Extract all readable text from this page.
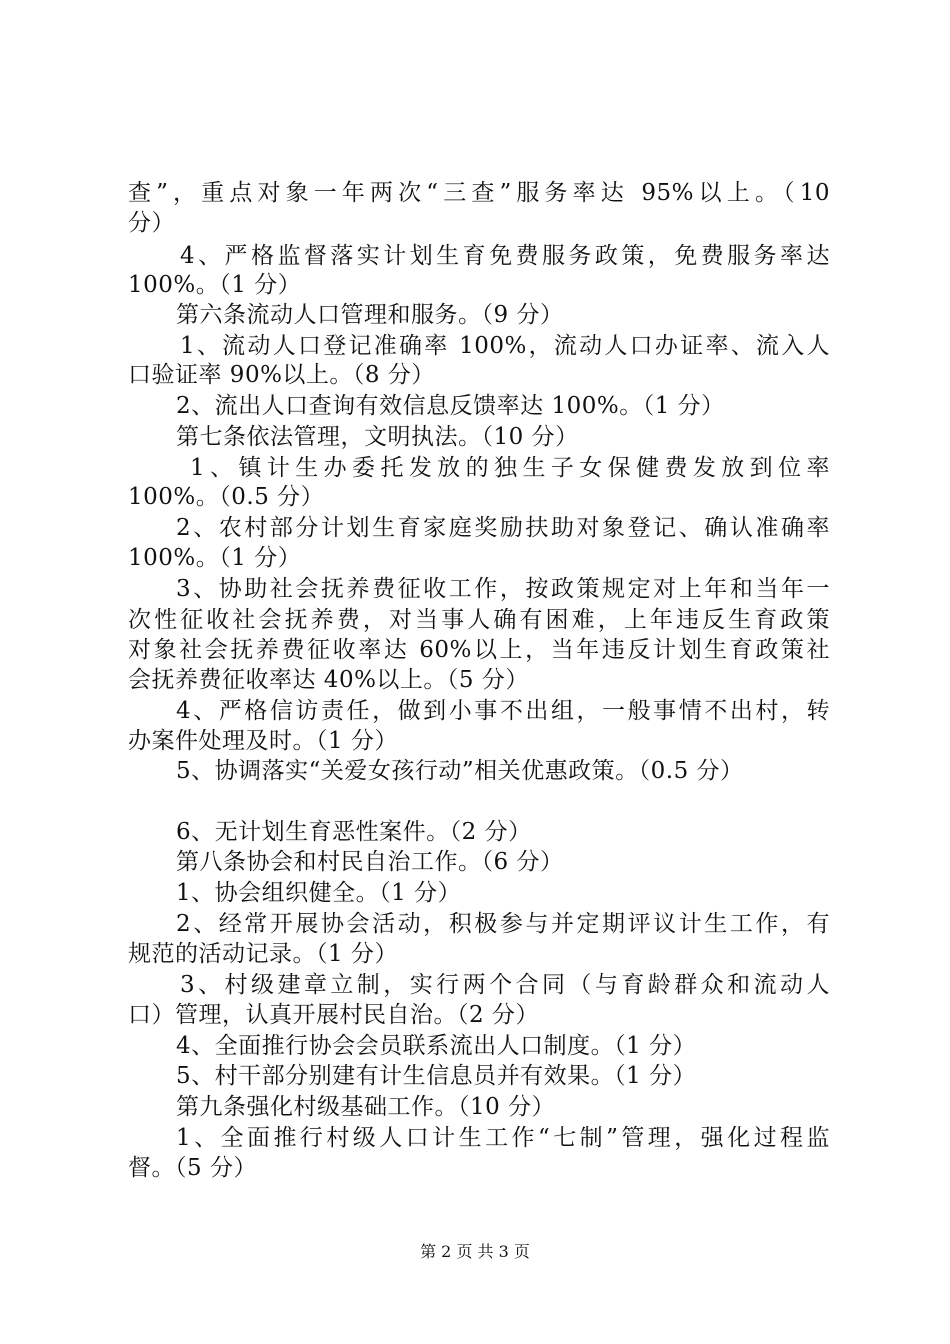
查”，重点对象一年两次“三查”服务率达 95%以上。（10
分）
4、严格监督落实计划生育免费服务政策，免费服务率达
100%。（1 分）
第六条流动人口管理和服务。（9 分）
1、流动人口登记准确率 100%，流动人口办证率、流入人
口验证率 90%以上。（8 分）
2、流出人口查询有效信息反馈率达 100%。（1 分）
第七条依法管理，文明执法。（10 分）
1、镇计生办委托发放的独生子女保健费发放到位率
100%。（0.5 分）
2、农村部分计划生育家庭奖励扶助对象登记、确认准确率
100%。（1 分）
3、协助社会抚养费征收工作，按政策规定对上年和当年一
次性征收社会抚养费，对当事人确有困难，上年违反生育政策
对象社会抚养费征收率达 60%以上，当年违反计划生育政策社
会抚养费征收率达 40%以上。（5 分）
4、严格信访责任，做到小事不出组，一般事情不出村，转
办案件处理及时。（1 分）
5、协调落实“关爱女孩行动”相关优惠政策。（0.5 分）
6、无计划生育恶性案件。（2 分）
第八条协会和村民自治工作。（6 分）
1、协会组织健全。（1 分）
2、经常开展协会活动，积极参与并定期评议计生工作，有
规范的活动记录。（1 分）
3、村级建章立制，实行两个合同（与育龄群众和流动人
口）管理，认真开展村民自治。（2 分）
4、全面推行协会会员联系流出人口制度。（1 分）
5、村干部分别建有计生信息员并有效果。（1 分）
第九条强化村级基础工作。（10 分）
1、全面推行村级人口计生工作“七制”管理，强化过程监
督。（5 分）
第 2 页 共 3 页
